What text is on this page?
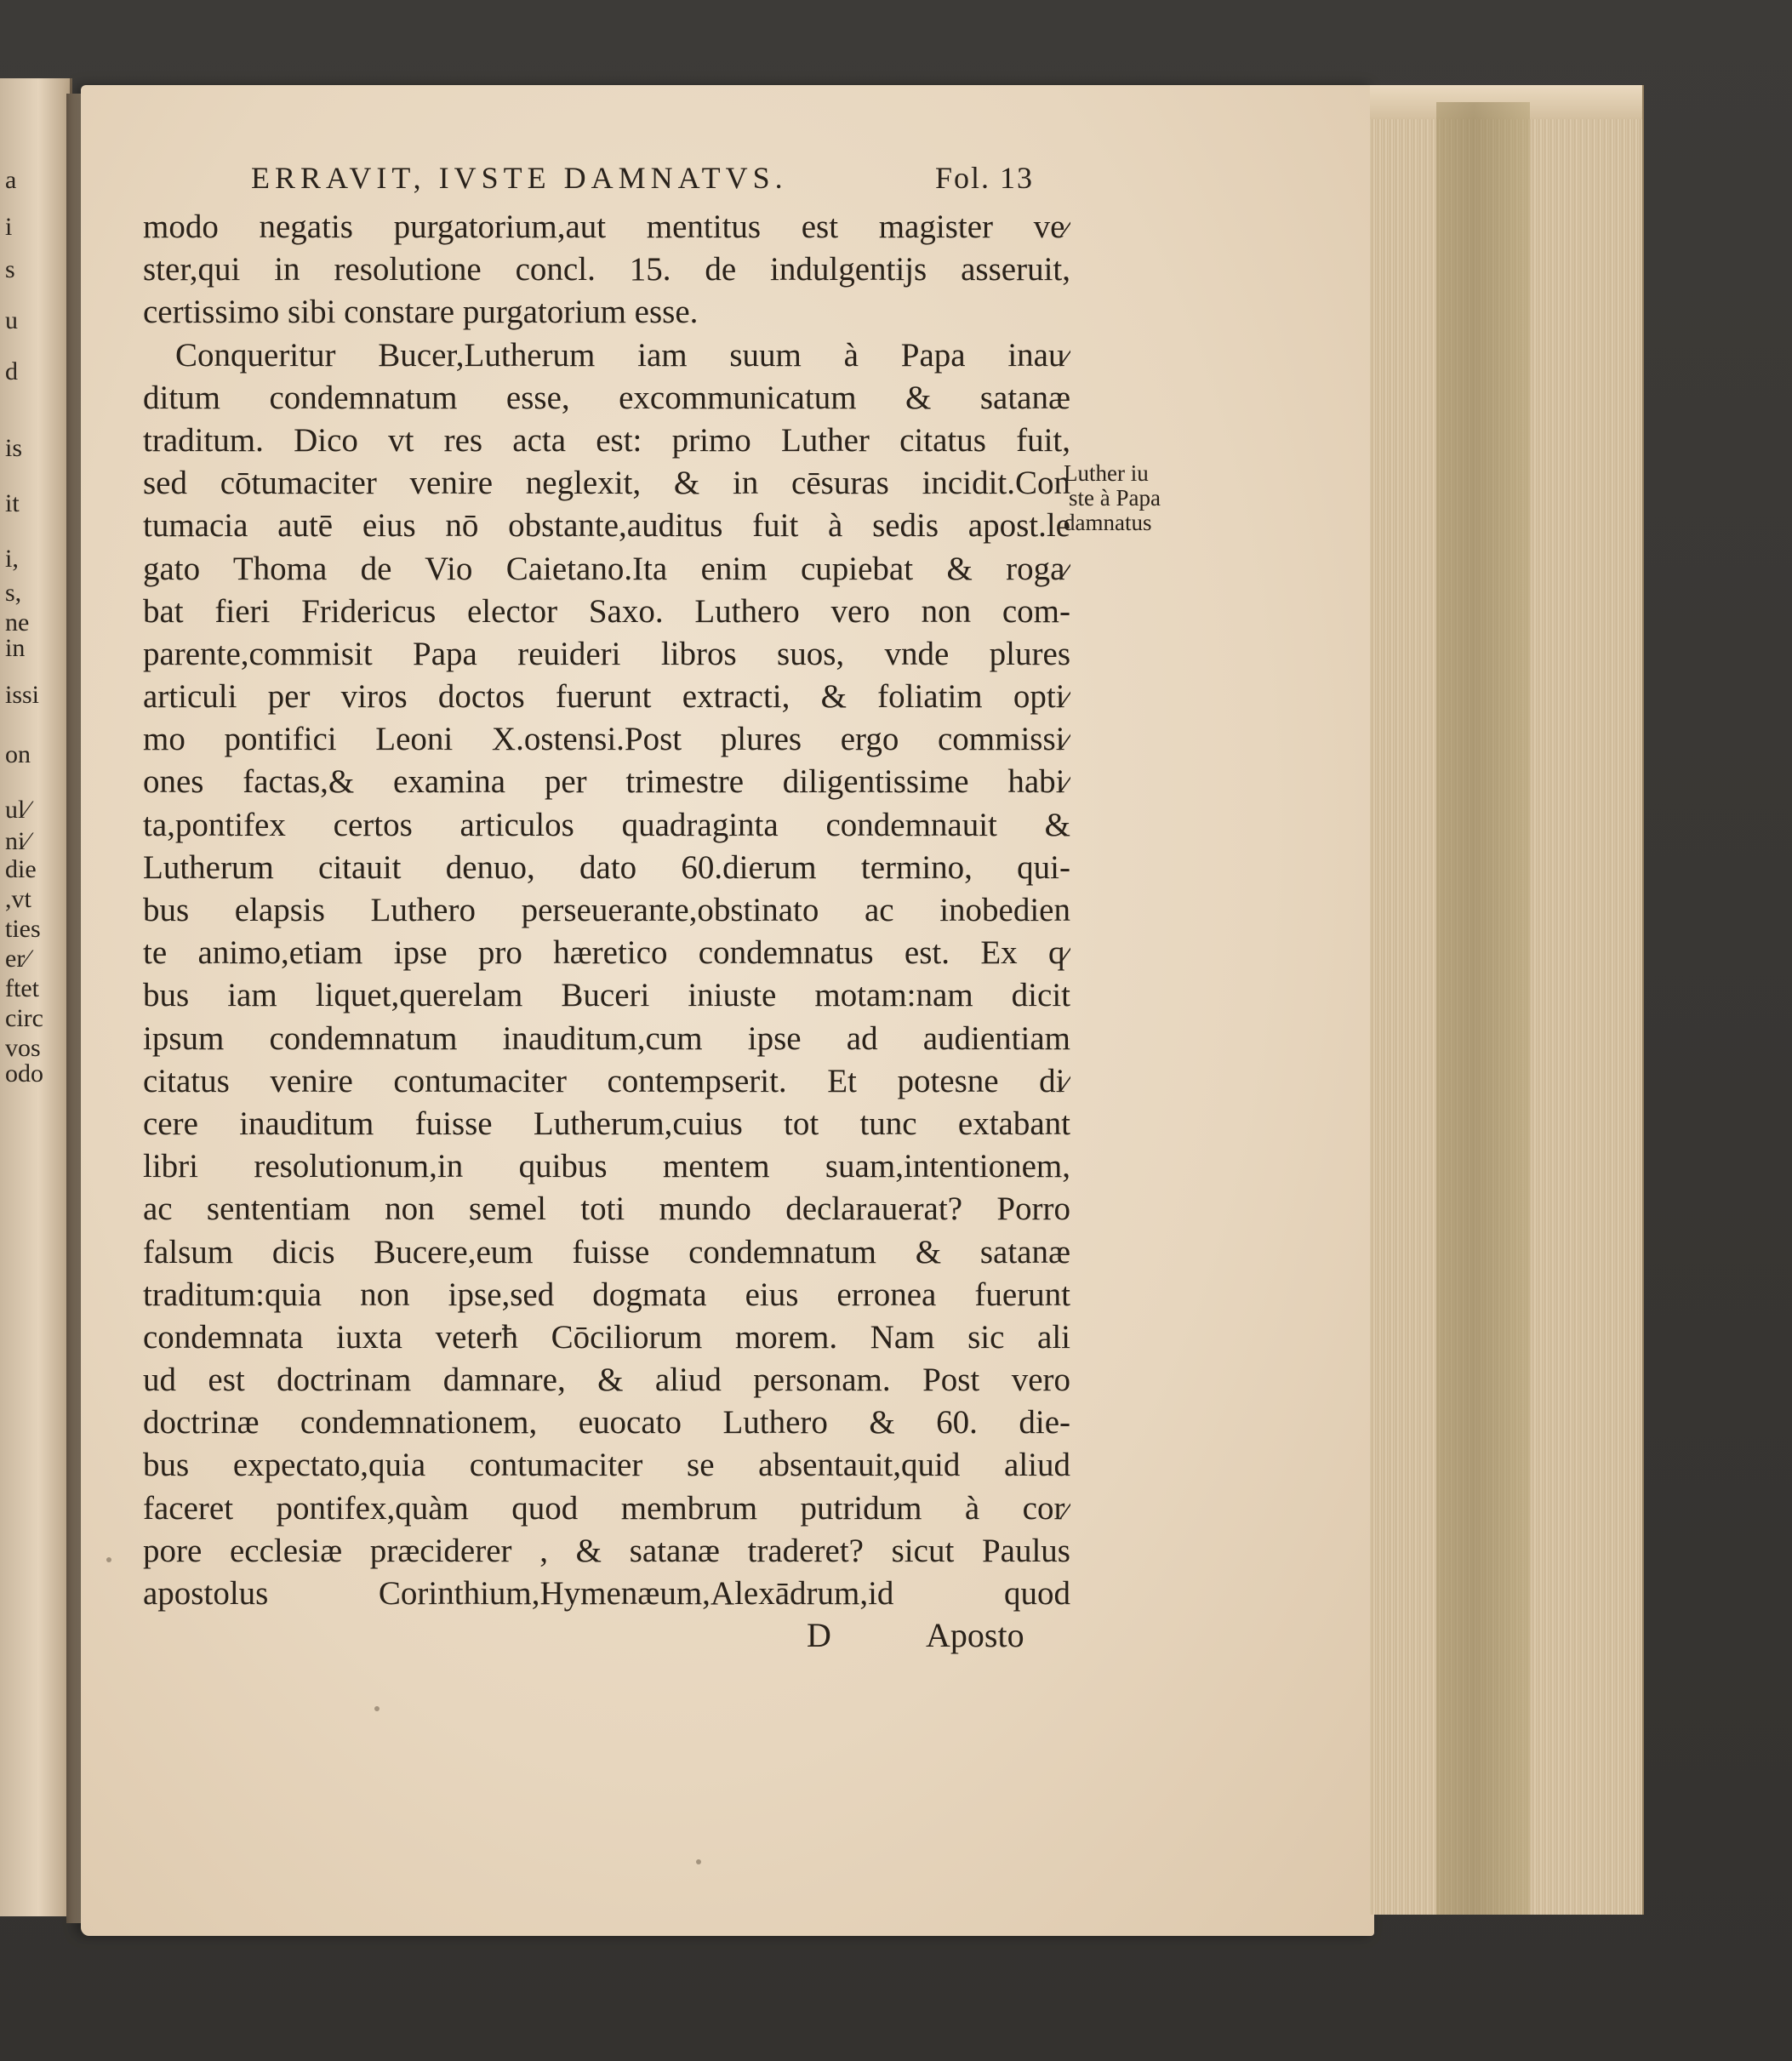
a
i
s
u
d
is
it
i,
s,
ne
in
issi
on
ul⁄
ni⁄
die
,vt
ties
er⁄
ftet
circ
vos
odo
ERRAVIT, IVSTE DAMNATVS.	Fol. 13
modo negatis purgatorium,aut mentitus est magister ve⁄
ster,qui in resolutione concl. 15. de indulgentijs asseruit,
certissimo sibi constare purgatorium esse.
Conqueritur Bucer,Lutherum iam suum à Papa inau⁄
ditum condemnatum esse, excommunicatum & satanæ
traditum. Dico vt res acta est: primo Luther citatus fuit,
sed cōtumaciter venire neglexit, & in cēsuras incidit.Con
tumacia autē eius nō obstante,auditus fuit à sedis apost.le
gato Thoma de Vio Caietano.Ita enim cupiebat & roga⁄
bat fieri Fridericus elector Saxo. Luthero vero non com-
parente,commisit Papa reuideri libros suos, vnde plures
articuli per viros doctos fuerunt extracti, & foliatim opti⁄
mo pontifici Leoni X.ostensi.Post plures ergo commissi⁄
ones factas,& examina per trimestre diligentissime habi⁄
ta,pontifex certos articulos quadraginta condemnauit &
Lutherum citauit denuo, dato 60.dierum termino, qui-
bus elapsis Luthero perseuerante,obstinato ac inobedien
te animo,etiam ipse pro hæretico condemnatus est. Ex q⁄
bus iam liquet,querelam Buceri iniuste motam:nam dicit
ipsum condemnatum inauditum,cum ipse ad audientiam
citatus venire contumaciter contempserit. Et potesne di⁄
cere inauditum fuisse Lutherum,cuius tot tunc extabant
libri resolutionum,in quibus mentem suam,intentionem,
ac sententiam non semel toti mundo declarauerat? Porro
falsum dicis Bucere,eum fuisse condemnatum & satanæ
traditum:quia non ipse,sed dogmata eius erronea fuerunt
condemnata iuxta veterħ Cōciliorum morem. Nam sic ali
ud est doctrinam damnare, & aliud personam. Post vero
doctrinæ condemnationem, euocato Luthero & 60. die-
bus expectato,quia contumaciter se absentauit,quid aliud
faceret pontifex,quàm quod membrum putridum à cor⁄
pore ecclesiæ præciderer , & satanæ traderet? sicut Paulus
apostolus Corinthium,Hymenæum,Alexādrum,id quod
Luther iu
ste à Papa
damnatus
D	Aposto
